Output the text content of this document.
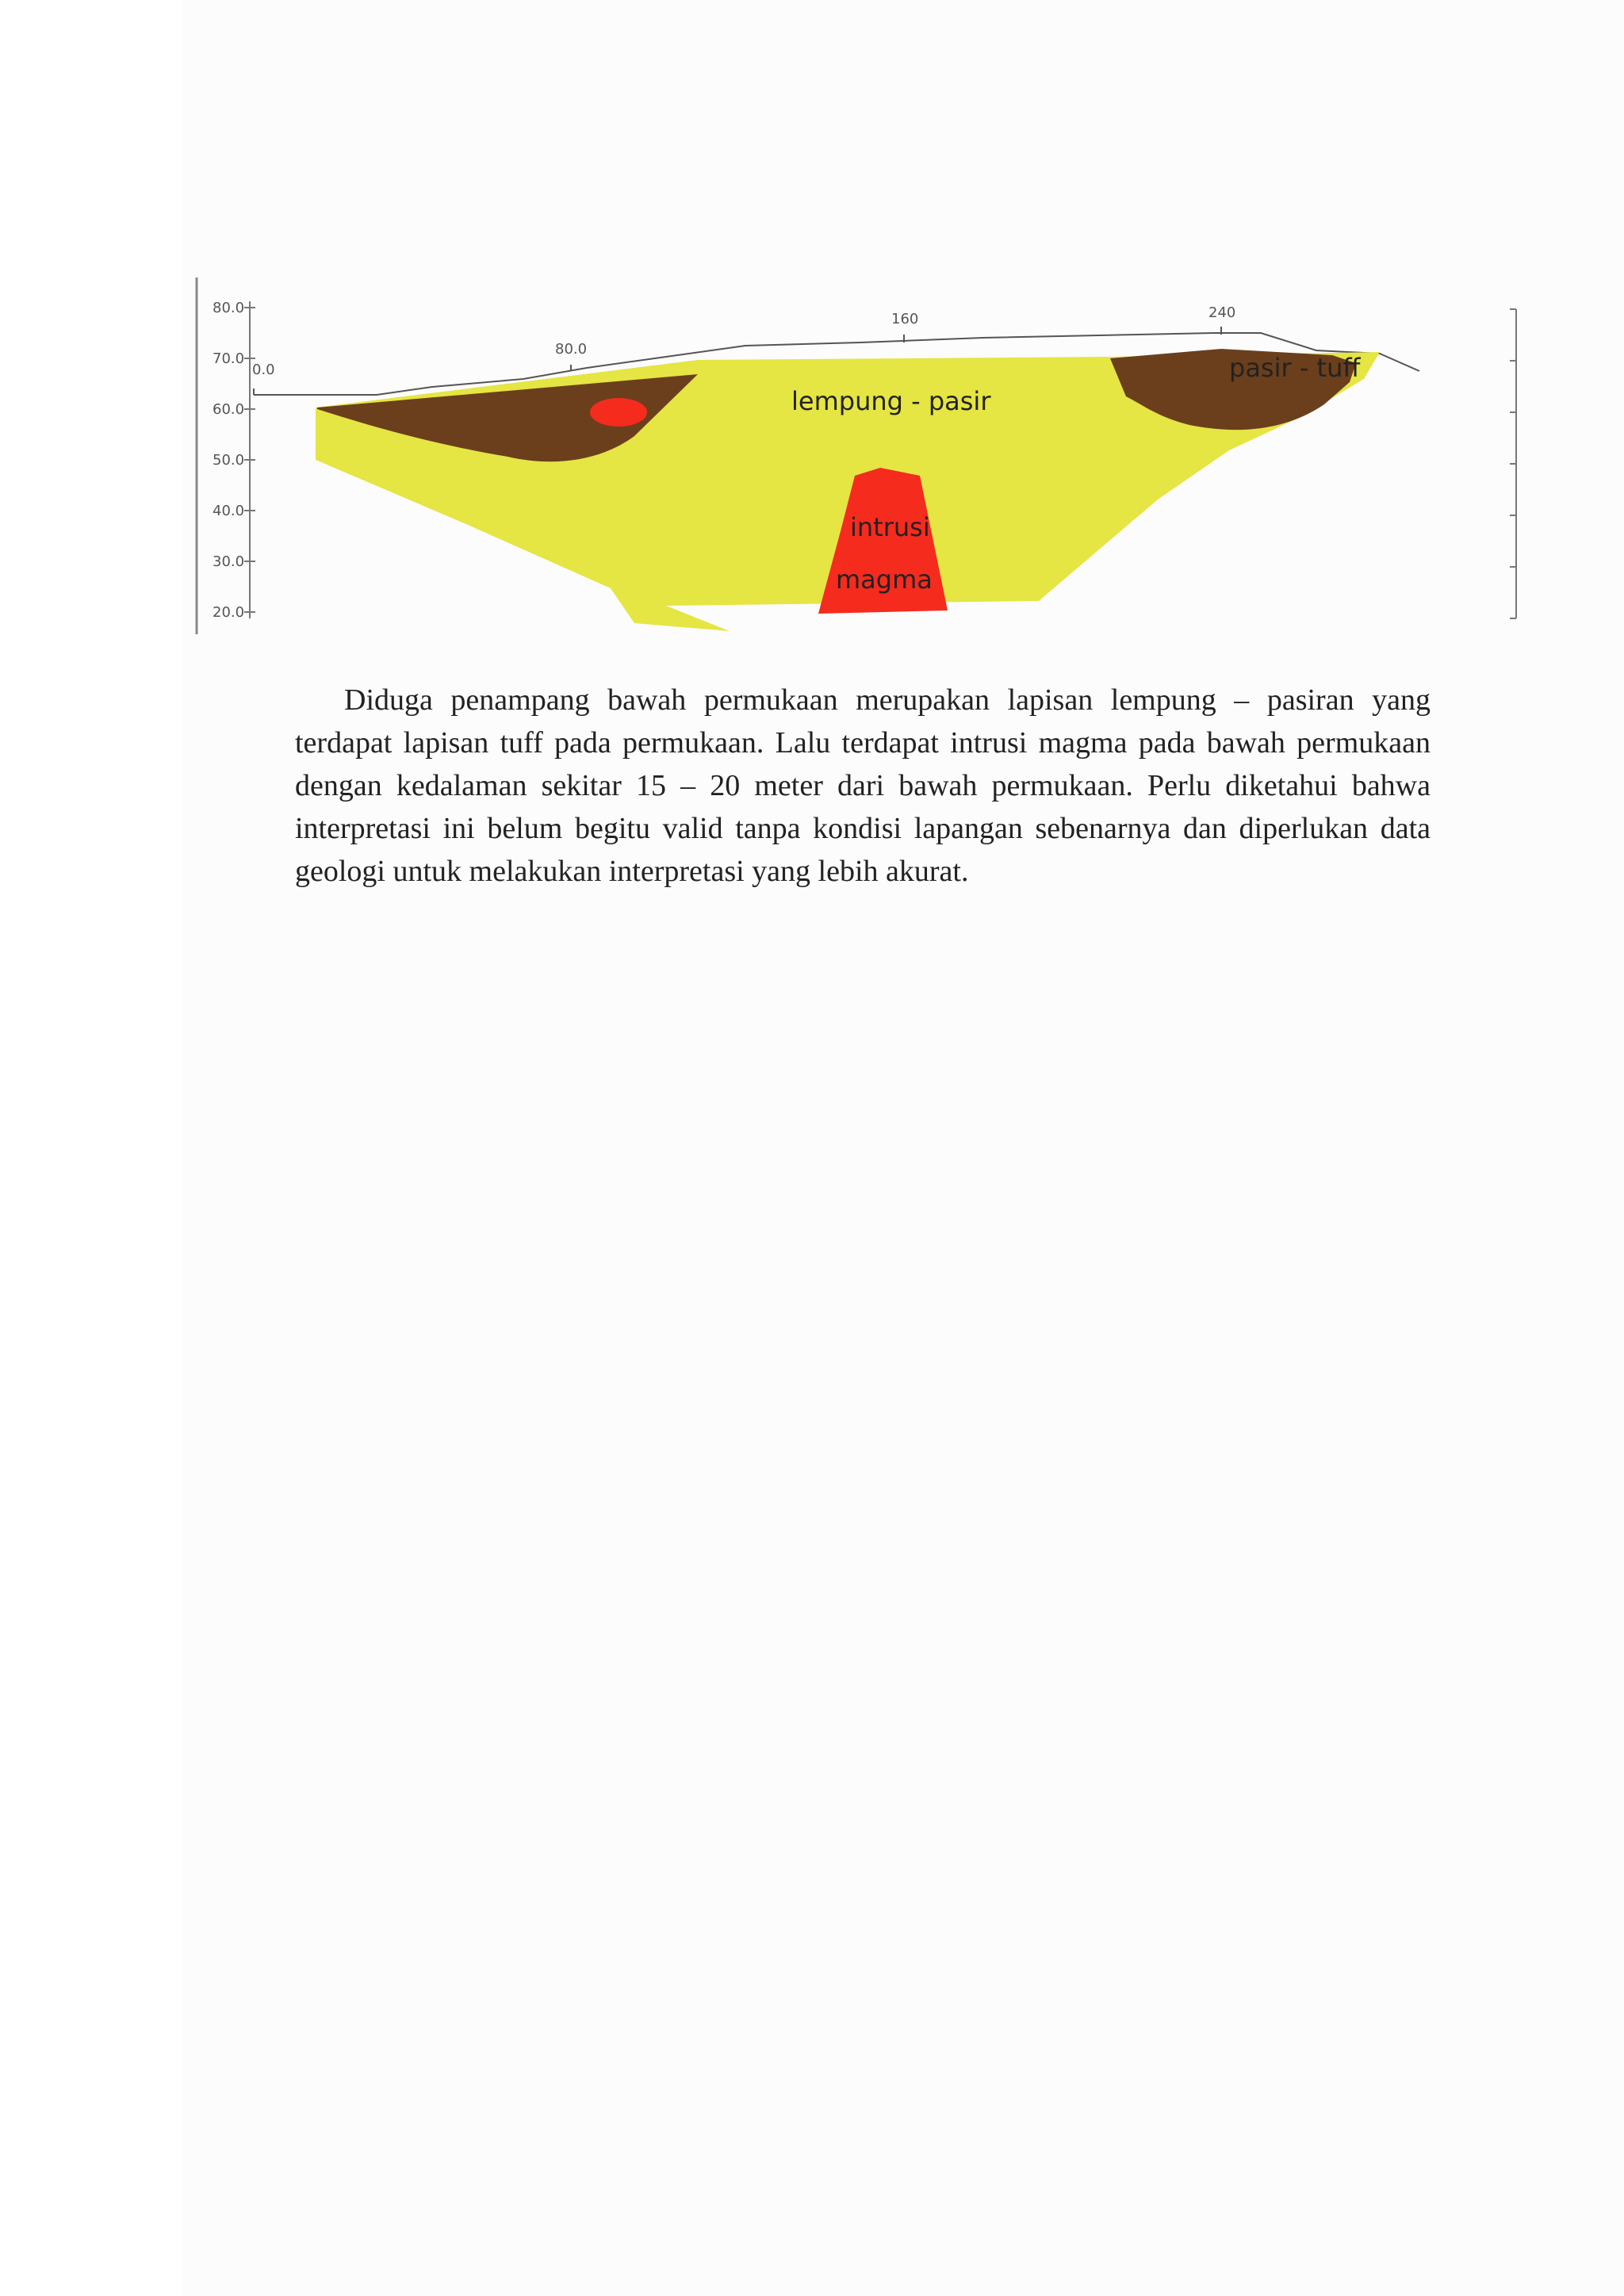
80.0
70.0
60.0
50.0
40.0
30.0
20.0
0.0
80.0
160	240
lempung - pasir
pasir - tuff
intrusi
magma

Diduga penampang bawah permukaan merupakan lapisan lempung – pasiran yang terdapat lapisan tuff pada permukaan. Lalu terdapat intrusi magma pada bawah permukaan dengan kedalaman sekitar 15 – 20 meter dari bawah permukaan. Perlu diketahui bahwa interpretasi ini belum begitu valid tanpa kondisi lapangan sebenarnya dan diperlukan data geologi untuk melakukan interpretasi yang lebih akurat.
